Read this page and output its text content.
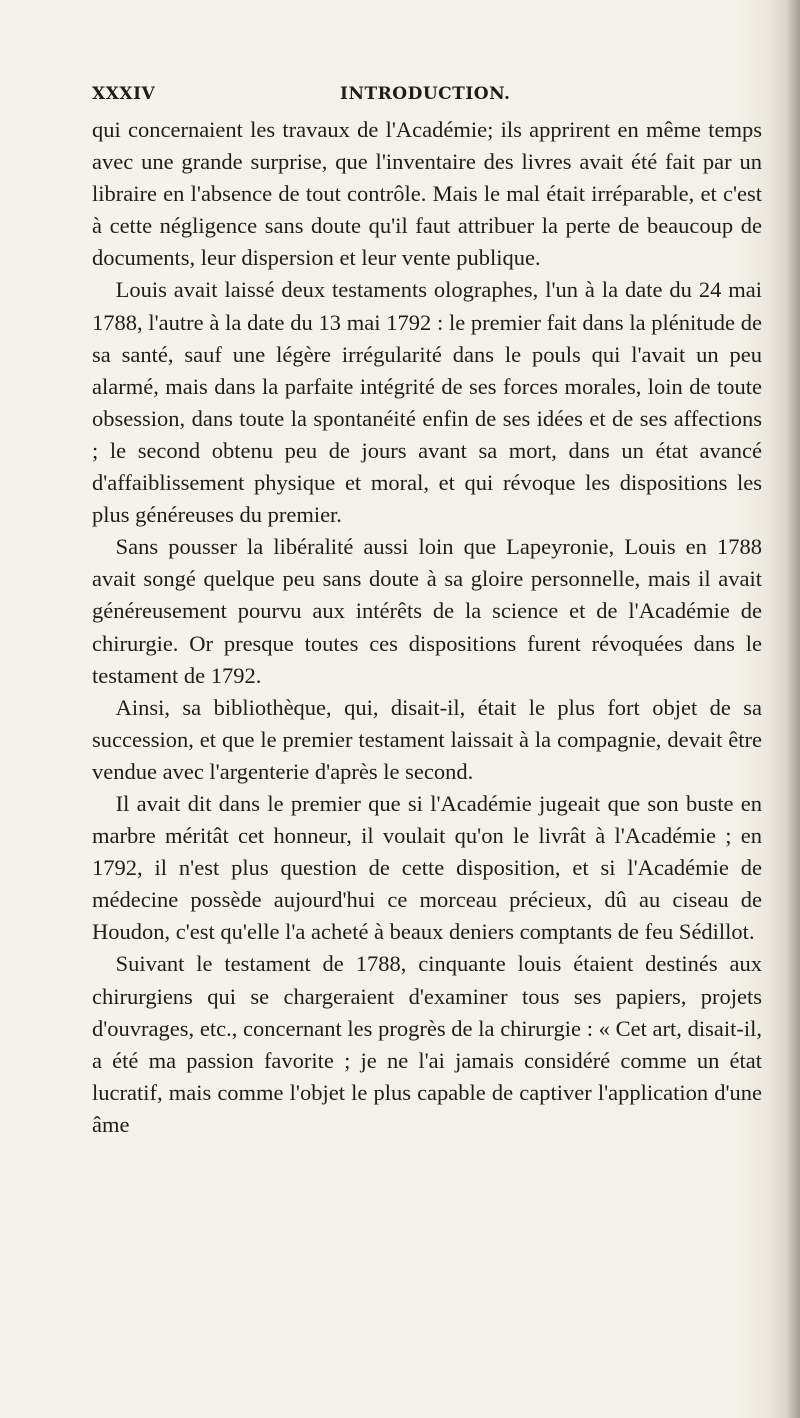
XXXIV	INTRODUCTION.

qui concernaient les travaux de l'Académie; ils apprirent en même temps avec une grande surprise, que l'inventaire des livres avait été fait par un libraire en l'absence de tout contrôle. Mais le mal était irréparable, et c'est à cette négligence sans doute qu'il faut attribuer la perte de beaucoup de documents, leur dispersion et leur vente publique.

Louis avait laissé deux testaments olographes, l'un à la date du 24 mai 1788, l'autre à la date du 13 mai 1792 : le premier fait dans la plénitude de sa santé, sauf une légère irrégularité dans le pouls qui l'avait un peu alarmé, mais dans la parfaite intégrité de ses forces morales, loin de toute obsession, dans toute la spontanéité enfin de ses idées et de ses affections ; le second obtenu peu de jours avant sa mort, dans un état avancé d'affaiblissement physique et moral, et qui révoque les dispositions les plus généreuses du premier.

Sans pousser la libéralité aussi loin que Lapeyronie, Louis en 1788 avait songé quelque peu sans doute à sa gloire personnelle, mais il avait généreusement pourvu aux intérêts de la science et de l'Académie de chirurgie. Or presque toutes ces dispositions furent révoquées dans le testament de 1792.

Ainsi, sa bibliothèque, qui, disait-il, était le plus fort objet de sa succession, et que le premier testament laissait à la compagnie, devait être vendue avec l'argenterie d'après le second.

Il avait dit dans le premier que si l'Académie jugeait que son buste en marbre méritât cet honneur, il voulait qu'on le livrât à l'Académie ; en 1792, il n'est plus question de cette disposition, et si l'Académie de médecine possède aujourd'hui ce morceau précieux, dû au ciseau de Houdon, c'est qu'elle l'a acheté à beaux deniers comptants de feu Sédillot.

Suivant le testament de 1788, cinquante louis étaient destinés aux chirurgiens qui se chargeraient d'examiner tous ses papiers, projets d'ouvrages, etc., concernant les progrès de la chirurgie : « Cet art, disait-il, a été ma passion favorite ; je ne l'ai jamais considéré comme un état lucratif, mais comme l'objet le plus capable de captiver l'application d'une âme
